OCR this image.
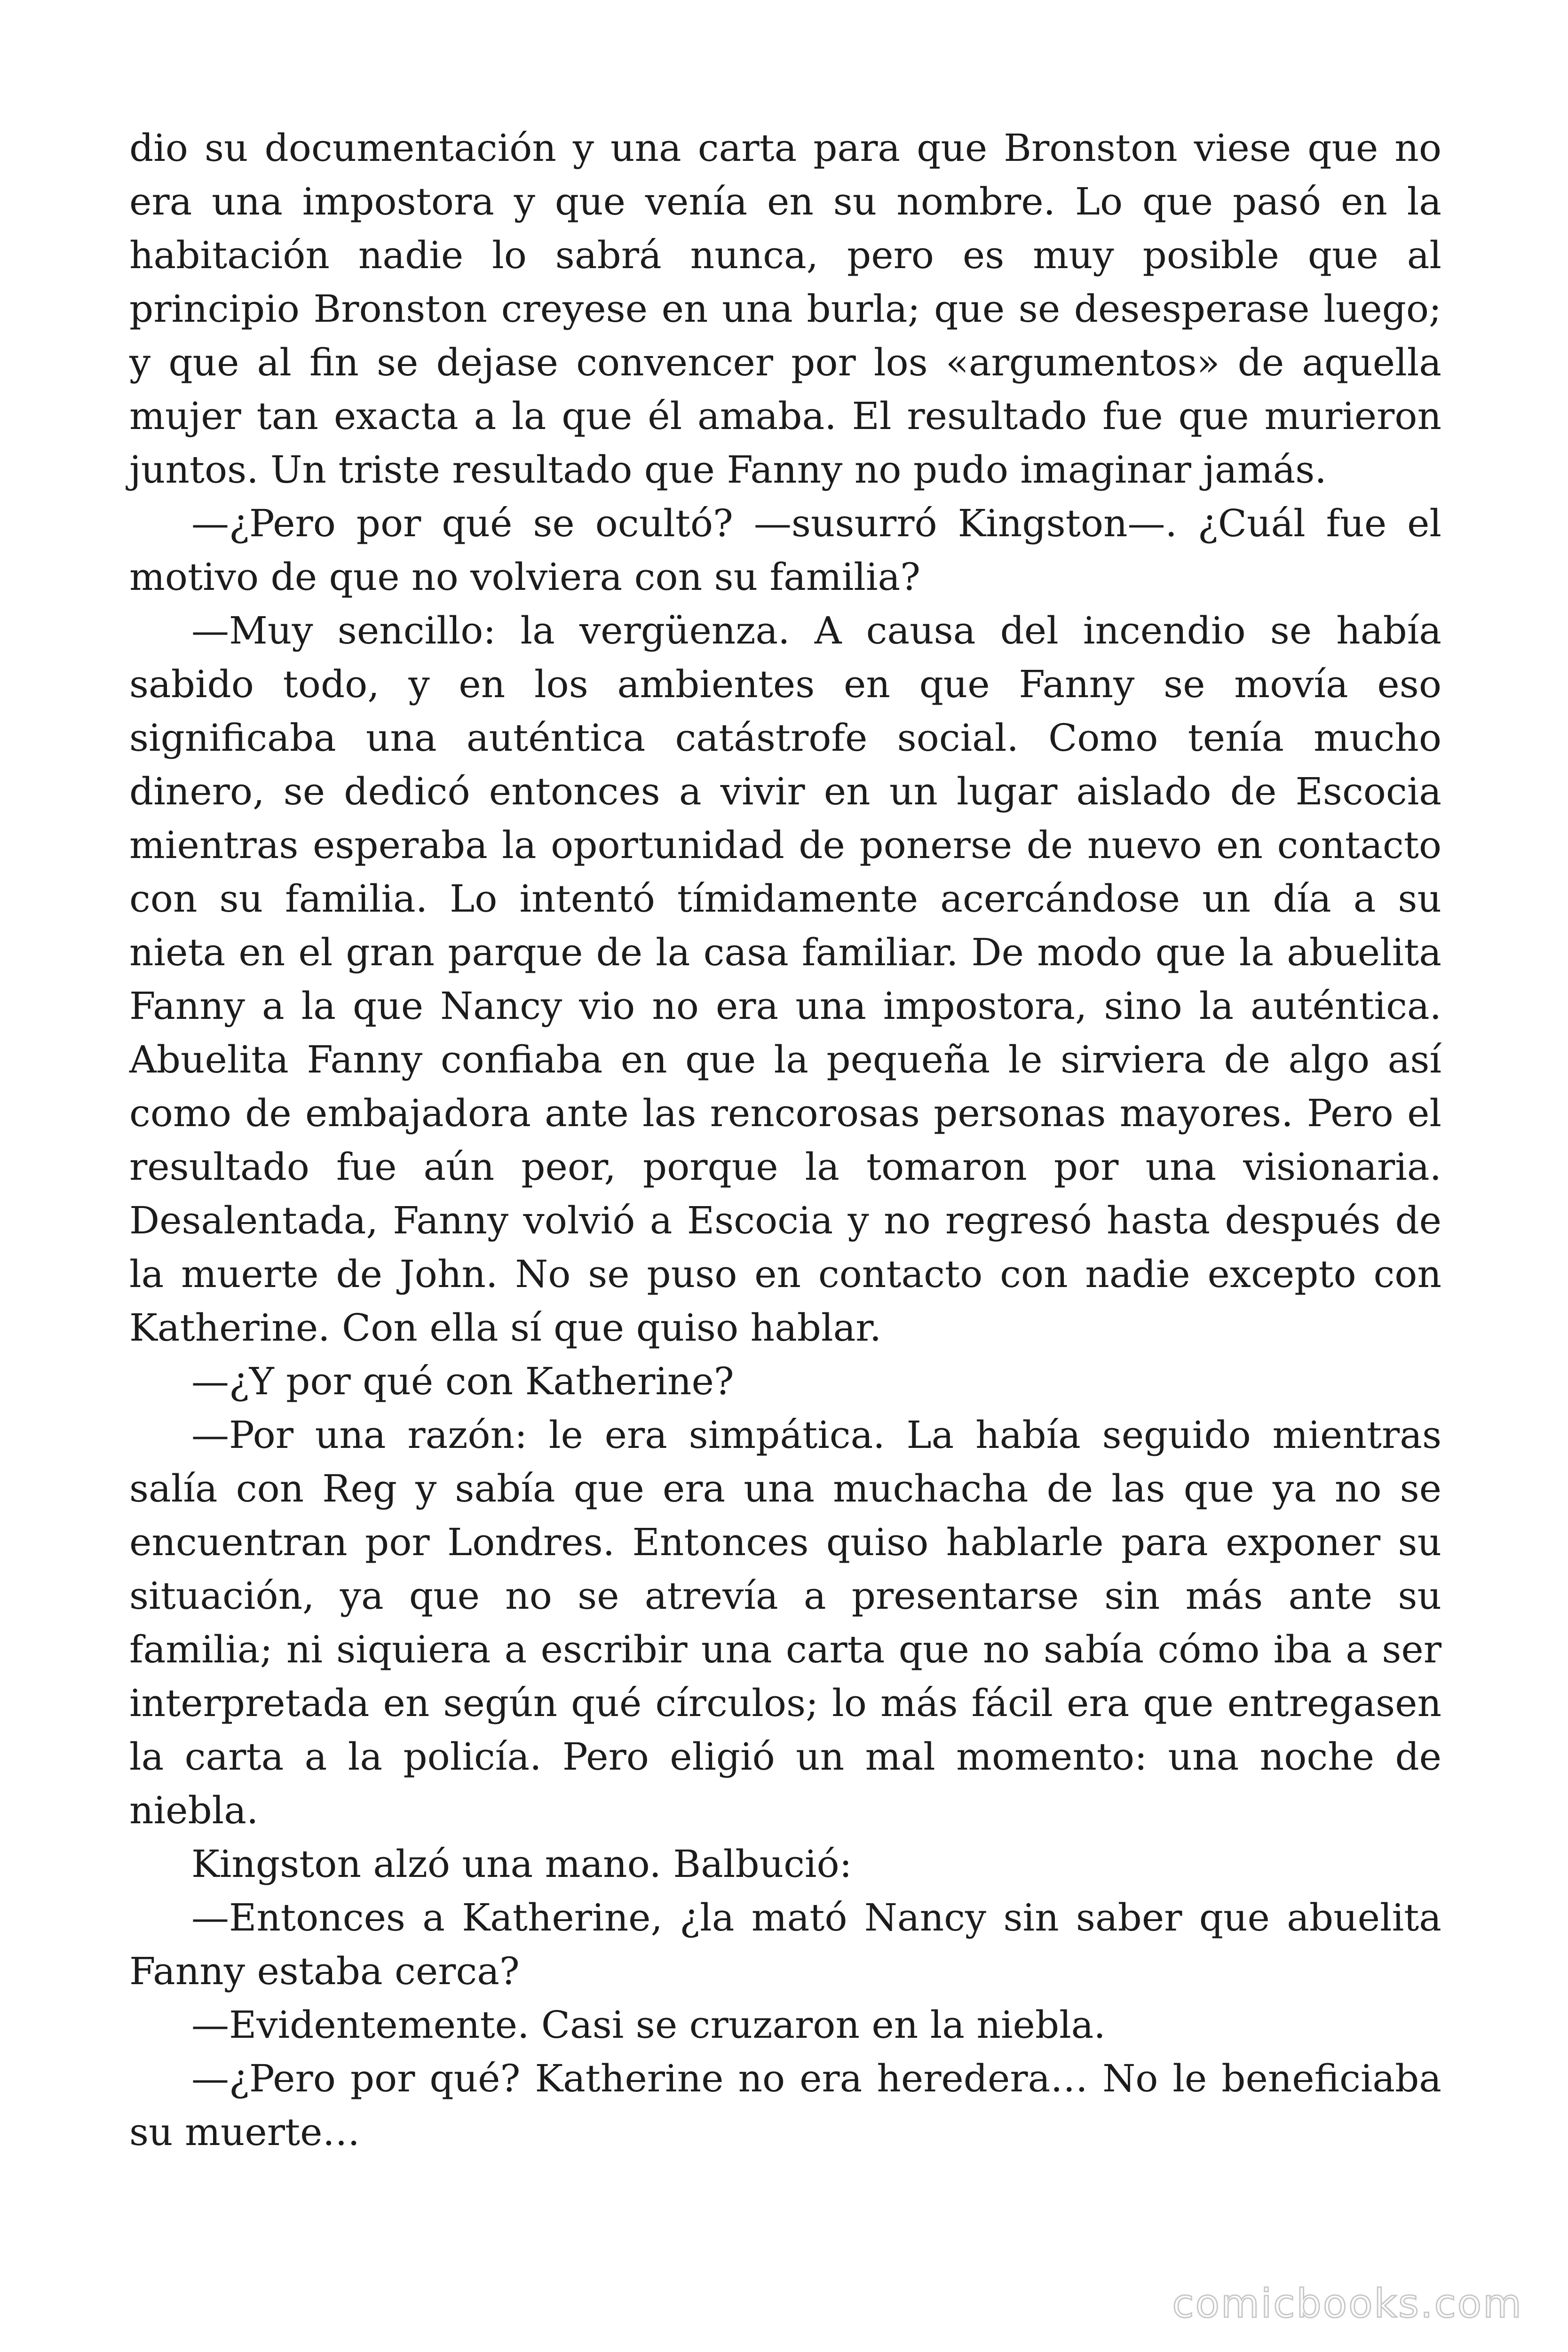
dio su documentación y una carta para que Bronston viese que no era una impostora y que venía en su nombre. Lo que pasó en la habitación nadie lo sabrá nunca, pero es muy posible que al principio Bronston creyese en una burla; que se desesperase luego; y que al fin se dejase convencer por los «argumentos» de aquella mujer tan exacta a la que él amaba. El resultado fue que murieron juntos. Un triste resultado que Fanny no pudo imaginar jamás.

—¿Pero por qué se ocultó? —susurró Kingston—. ¿Cuál fue el motivo de que no volviera con su familia?

—Muy sencillo: la vergüenza. A causa del incendio se había sabido todo, y en los ambientes en que Fanny se movía eso significaba una auténtica catástrofe social. Como tenía mucho dinero, se dedicó entonces a vivir en un lugar aislado de Escocia mientras esperaba la oportunidad de ponerse de nuevo en contacto con su familia. Lo intentó tímidamente acercándose un día a su nieta en el gran parque de la casa familiar. De modo que la abuelita Fanny a la que Nancy vio no era una impostora, sino la auténtica. Abuelita Fanny confiaba en que la pequeña le sirviera de algo así como de embajadora ante las rencorosas personas mayores. Pero el resultado fue aún peor, porque la tomaron por una visionaria. Desalentada, Fanny volvió a Escocia y no regresó hasta después de la muerte de John. No se puso en contacto con nadie excepto con Katherine. Con ella sí que quiso hablar.

—¿Y por qué con Katherine?

—Por una razón: le era simpática. La había seguido mientras salía con Reg y sabía que era una muchacha de las que ya no se encuentran por Londres. Entonces quiso hablarle para exponer su situación, ya que no se atrevía a presentarse sin más ante su familia; ni siquiera a escribir una carta que no sabía cómo iba a ser interpretada en según qué círculos; lo más fácil era que entregasen la carta a la policía. Pero eligió un mal momento: una noche de niebla.

Kingston alzó una mano. Balbució:

—Entonces a Katherine, ¿la mató Nancy sin saber que abuelita Fanny estaba cerca?

—Evidentemente. Casi se cruzaron en la niebla.

—¿Pero por qué? Katherine no era heredera… No le beneficiaba su muerte…

comicbooks.com
